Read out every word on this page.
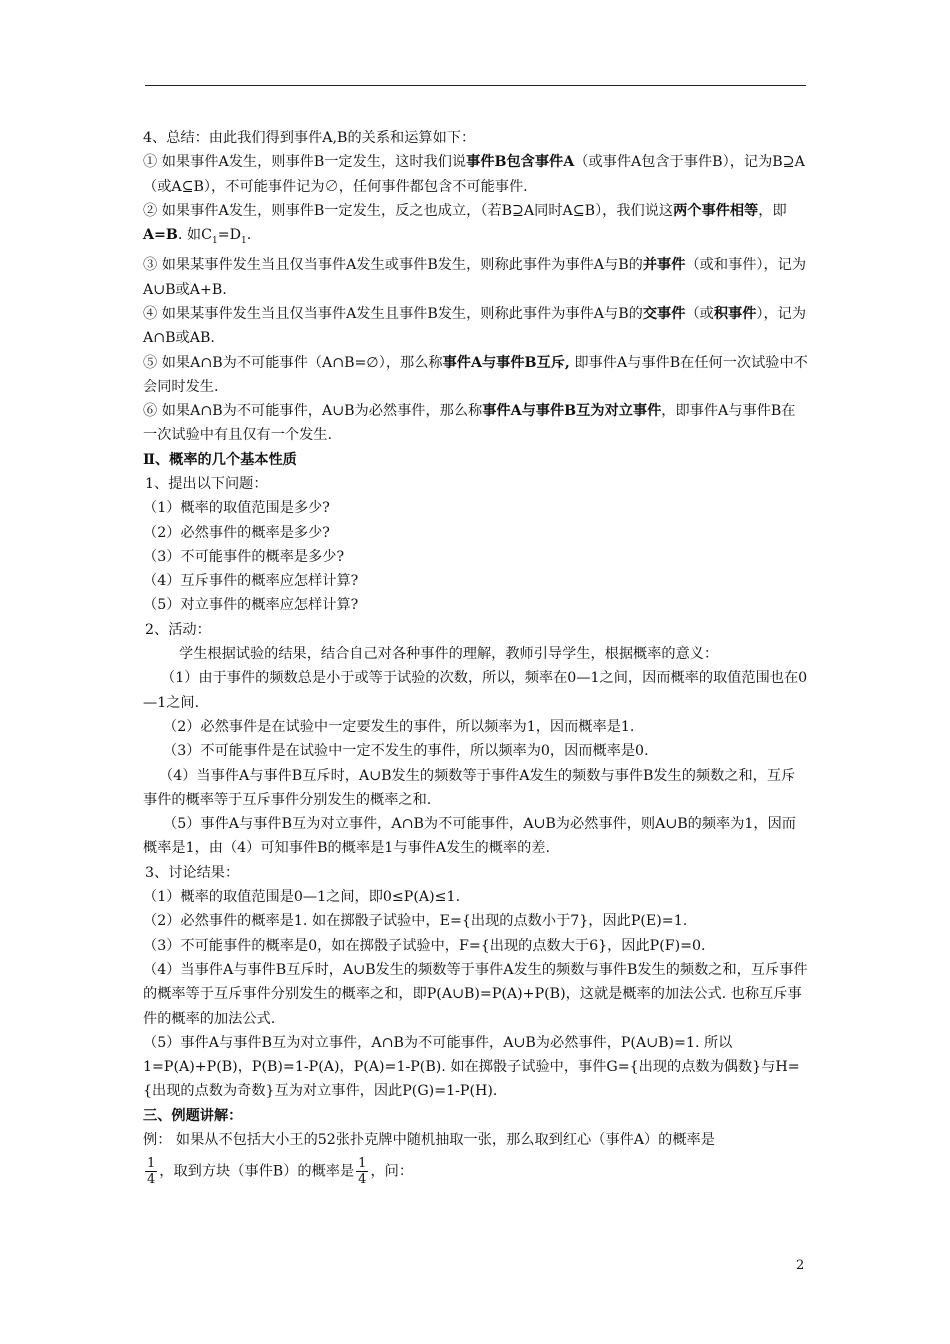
4、总结：由此我们得到事件A,B的关系和运算如下：

① 如果事件A发生，则事件B一定发生，这时我们说事件B包含事件A（或事件A包含于事件B），记为B⊇A（或A⊆B），不可能事件记为∅，任何事件都包含不可能事件.

② 如果事件A发生，则事件B一定发生，反之也成立，（若B⊇A同时A⊆B），我们说这两个事件相等，即A=B. 如$C_1=D_1$.

③ 如果某事件发生当且仅当事件A发生或事件B发生，则称此事件为事件A与B的并事件（或和事件），记为A∪B或A+B.

④ 如果某事件发生当且仅当事件A发生且事件B发生，则称此事件为事件A与B的交事件（或积事件），记为A∩B或AB.

⑤ 如果A∩B为不可能事件（A∩B=∅），那么称事件A与事件B互斥, 即事件A与事件B在任何一次试验中不会同时发生.

⑥ 如果A∩B为不可能事件，A∪B为必然事件，那么称事件A与事件B互为对立事件，即事件A与事件B在一次试验中有且仅有一个发生.

Ⅱ、概率的几个基本性质

1、提出以下问题：

（1）概率的取值范围是多少?

（2）必然事件的概率是多少?

（3）不可能事件的概率是多少?

（4）互斥事件的概率应怎样计算?

（5）对立事件的概率应怎样计算?

2、活动：

学生根据试验的结果，结合自己对各种事件的理解，教师引导学生，根据概率的意义：

（1）由于事件的频数总是小于或等于试验的次数，所以，频率在0—1之间，因而概率的取值范围也在0—1之间.

（2）必然事件是在试验中一定要发生的事件，所以频率为1，因而概率是1.

（3）不可能事件是在试验中一定不发生的事件，所以频率为0，因而概率是0.

（4）当事件A与事件B互斥时，A∪B发生的频数等于事件A发生的频数与事件B发生的频数之和，互斥事件的概率等于互斥事件分别发生的概率之和.

（5）事件A与事件B互为对立事件，A∩B为不可能事件，A∪B为必然事件，则A∪B的频率为1，因而概率是1，由（4）可知事件B的概率是1与事件A发生的概率的差.

3、讨论结果：

（1）概率的取值范围是0—1之间，即0≤P(A)≤1.

（2）必然事件的概率是1. 如在掷骰子试验中，E={出现的点数小于7}，因此P(E)=1.

（3）不可能事件的概率是0，如在掷骰子试验中，F={出现的点数大于6}，因此P(F)=0.

（4）当事件A与事件B互斥时，A∪B发生的频数等于事件A发生的频数与事件B发生的频数之和，互斥事件的概率等于互斥事件分别发生的概率之和，即P(A∪B)=P(A)+P(B)，这就是概率的加法公式. 也称互斥事件的概率的加法公式.

（5）事件A与事件B互为对立事件，A∩B为不可能事件，A∪B为必然事件，P(A∪B)=1. 所以1=P(A)+P(B)，P(B)=1-P(A)，P(A)=1-P(B). 如在掷骰子试验中，事件G={出现的点数为偶数}与H={出现的点数为奇数}互为对立事件，因此P(G)=1-P(H).

三、例题讲解：

例： 如果从不包括大小王的52张扑克牌中随机抽取一张，那么取到红心（事件A）的概率是

$\frac{1}{4}$ ，取到方块（事件B）的概率是 $\frac{1}{4}$ ，问：

2
